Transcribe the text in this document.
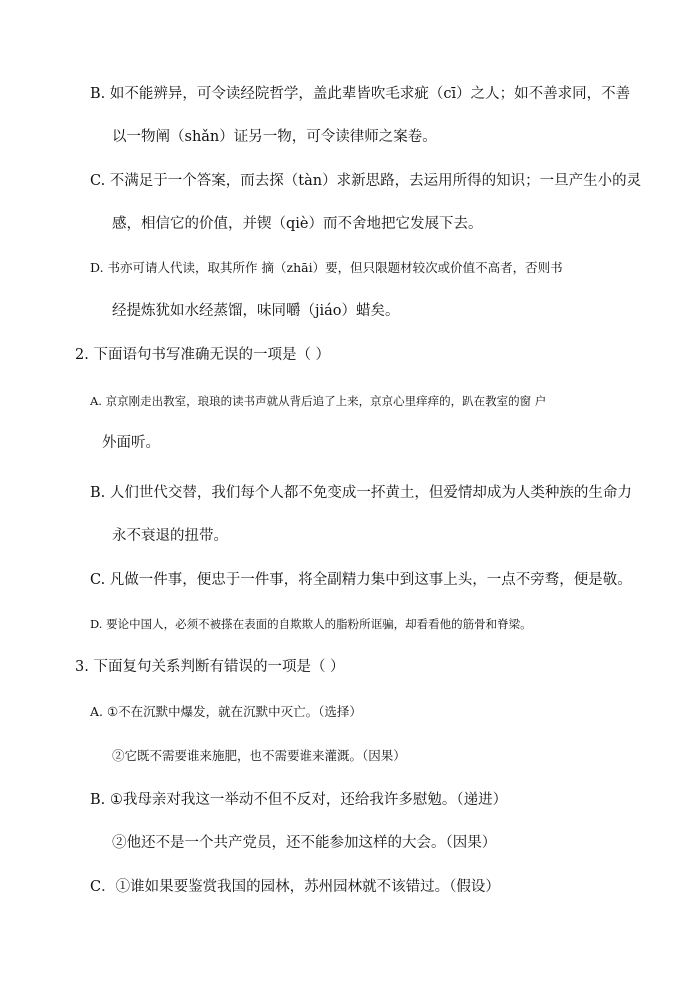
B. 如不能辨异，可令读经院哲学，盖此辈皆吹毛求疵（cī）之人；如不善求同，不善
以一物阐（shǎn）证另一物，可令读律师之案卷。
C. 不满足于一个答案，而去探（tàn）求新思路，去运用所得的知识；一旦产生小的灵
感，相信它的价值，并锲（qiè）而不舍地把它发展下去。
D. 书亦可请人代读，取其所作 摘（zhāi）要，但只限题材较次或价值不高者，否则书
经提炼犹如水经蒸馏，味同嚼（jiáo）蜡矣。
2. 下面语句书写准确无误的一项是（ ）
A. 京京刚走出教室，琅琅的读书声就从背后追了上来，京京心里痒痒的，趴在教室的窗 户
外面听。
B. 人们世代交替，我们每个人都不免变成一抔黄土，但爱情却成为人类种族的生命力
永不衰退的扭带。
C. 凡做一件事，便忠于一件事，将全副精力集中到这事上头，一点不旁骛，便是敬。
D. 要论中国人，必须不被搽在表面的自欺欺人的脂粉所诓骗，却看看他的筋骨和脊梁。
3. 下面复句关系判断有错误的一项是（ ）
A. ①不在沉默中爆发，就在沉默中灭亡。（选择）
②它既不需要谁来施肥，也不需要谁来灌溉。（因果）
B. ①我母亲对我这一举动不但不反对，还给我许多慰勉。（递进）
②他还不是一个共产党员，还不能参加这样的大会。（因果）
C．①谁如果要鉴赏我国的园林，苏州园林就不该错过。（假设）
